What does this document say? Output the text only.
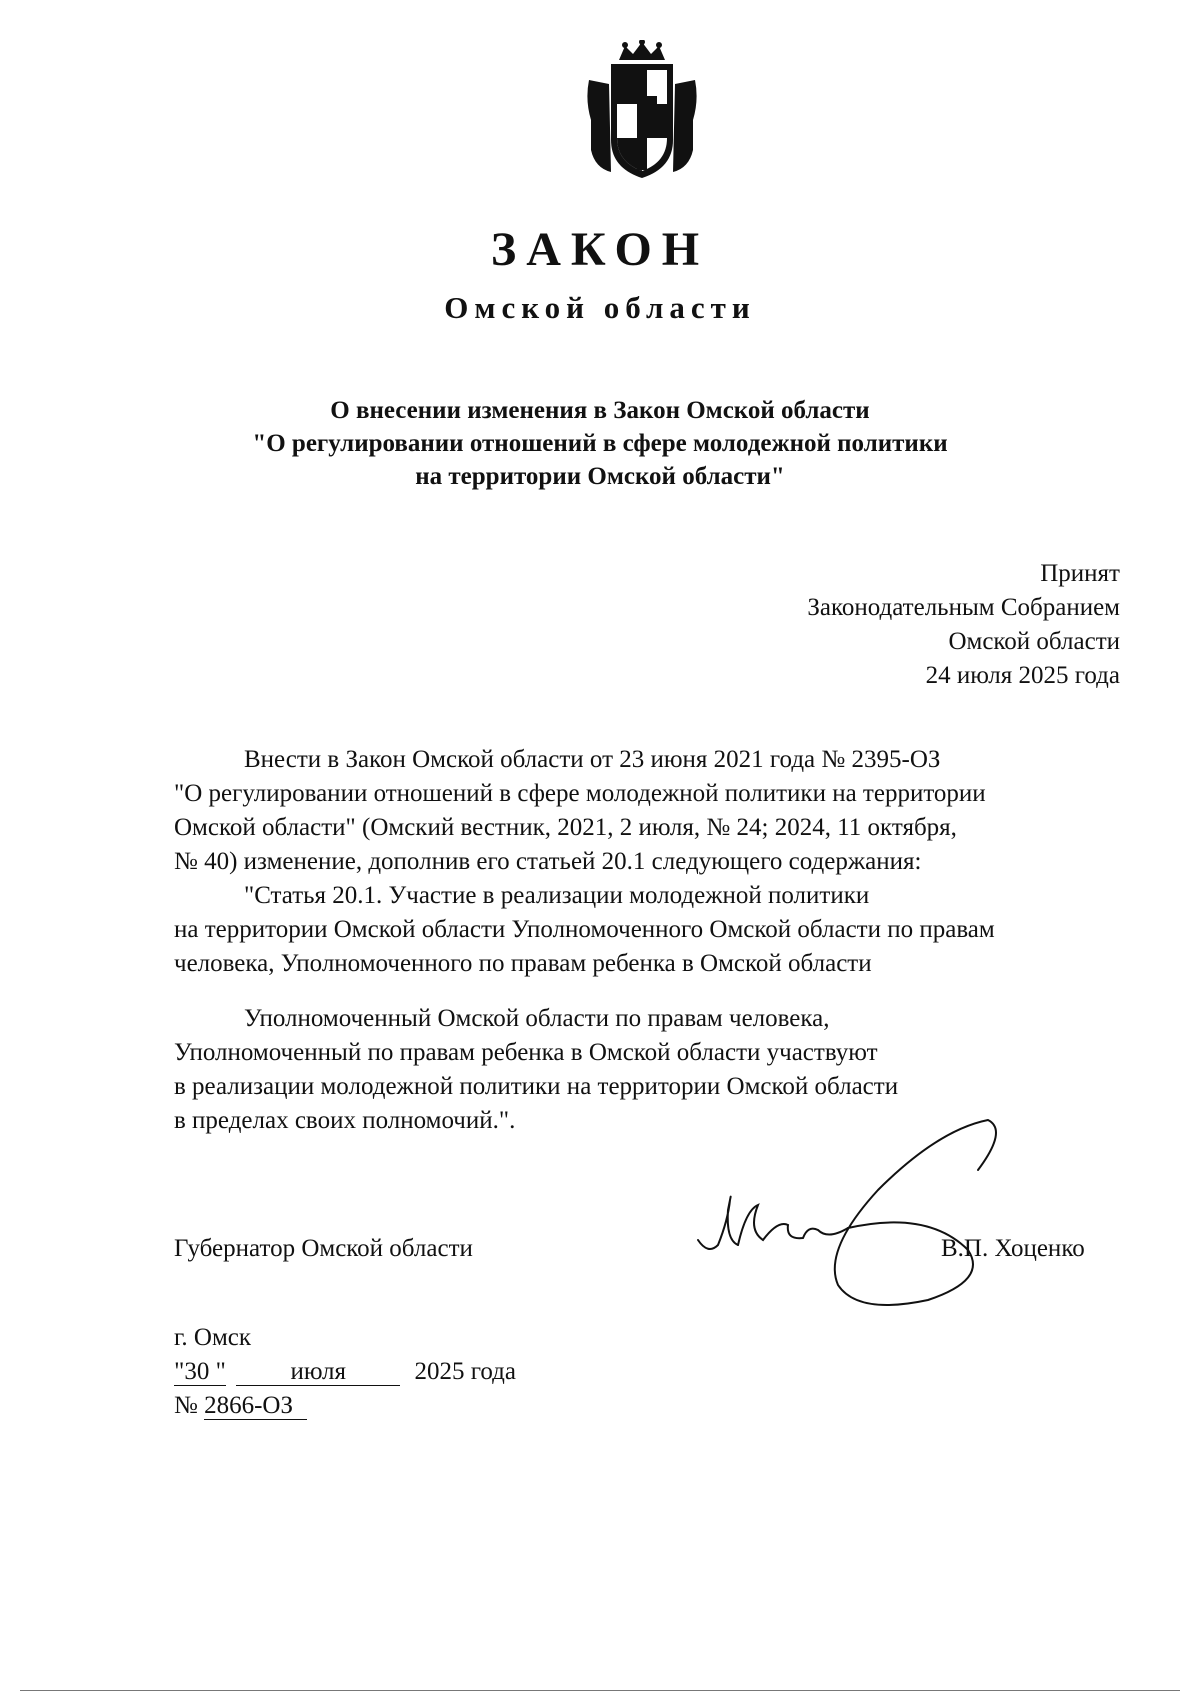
ЗАКОН
Омской области
О внесении изменения в Закон Омской области
"О регулировании отношений в сфере молодежной политики
на территории Омской области"
Принят
Законодательным Собранием
Омской области
24 июля 2025 года

Внести в Закон Омской области от 23 июня 2021 года № 2395-ОЗ
"О регулировании отношений в сфере молодежной политики на территории
Омской области" (Омский вестник, 2021, 2 июля, № 24; 2024, 11 октября,
№ 40) изменение, дополнив его статьей 20.1 следующего содержания:

"Статья 20.1. Участие в реализации молодежной политики
на территории Омской области Уполномоченного Омской области по правам
человека, Уполномоченного по правам ребенка в Омской области

Уполномоченный Омской области по правам человека,
Уполномоченный по правам ребенка в Омской области участвуют
в реализации молодежной политики на территории Омской области
в пределах своих полномочий.".

Губернатор Омской области	В.П. Хоценко
г. Омск
"30 "	июля	2025 года
№ 2866-ОЗ
